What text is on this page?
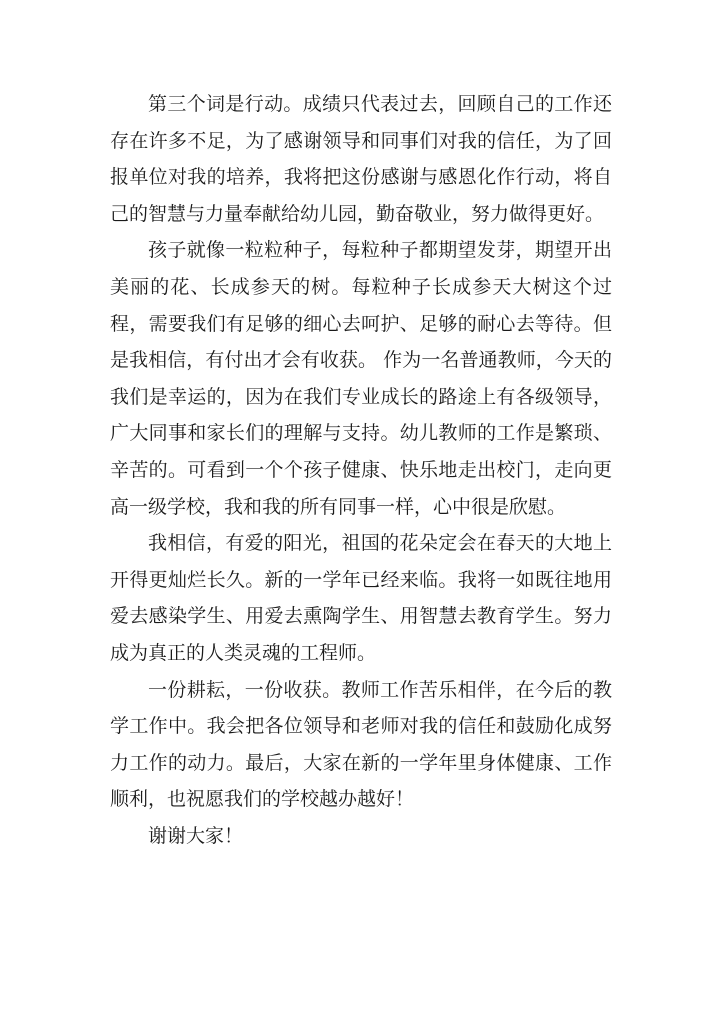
第三个词是行动。成绩只代表过去，回顾自己的工作还存在许多不足，为了感谢领导和同事们对我的信任，为了回报单位对我的培养，我将把这份感谢与感恩化作行动，将自己的智慧与力量奉献给幼儿园，勤奋敬业，努力做得更好。

孩子就像一粒粒种子，每粒种子都期望发芽，期望开出美丽的花、长成参天的树。每粒种子长成参天大树这个过程，需要我们有足够的细心去呵护、足够的耐心去等待。但是我相信，有付出才会有收获。 作为一名普通教师，今天的我们是幸运的，因为在我们专业成长的路途上有各级领导，广大同事和家长们的理解与支持。幼儿教师的工作是繁琐、辛苦的。可看到一个个孩子健康、快乐地走出校门，走向更高一级学校，我和我的所有同事一样，心中很是欣慰。

我相信，有爱的阳光，祖国的花朵定会在春天的大地上开得更灿烂长久。新的一学年已经来临。我将一如既往地用爱去感染学生、用爱去熏陶学生、用智慧去教育学生。努力成为真正的人类灵魂的工程师。

一份耕耘，一份收获。教师工作苦乐相伴，在今后的教学工作中。我会把各位领导和老师对我的信任和鼓励化成努力工作的动力。最后，大家在新的一学年里身体健康、工作顺利，也祝愿我们的学校越办越好！

谢谢大家！
